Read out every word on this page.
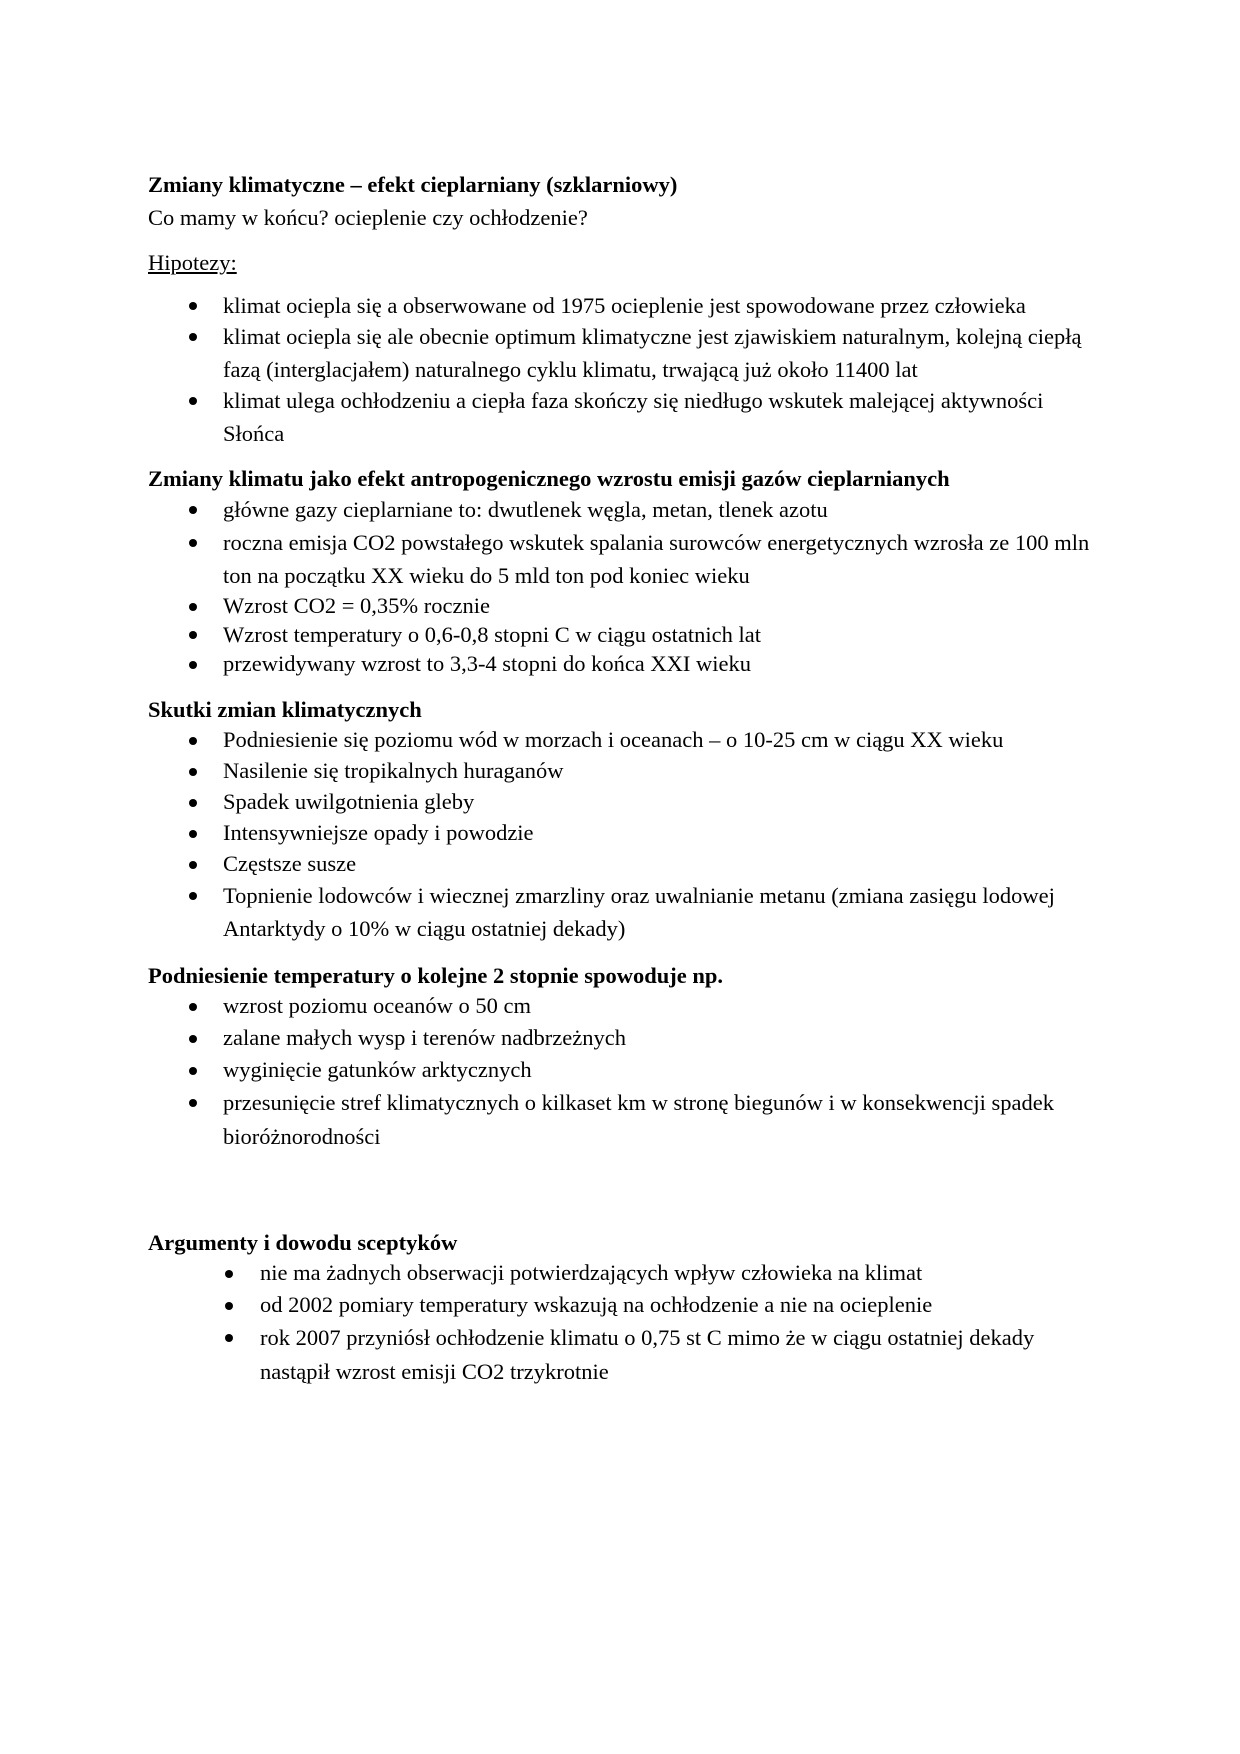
Zmiany klimatyczne – efekt cieplarniany (szklarniowy)

Co mamy w końcu? ocieplenie czy ochłodzenie?

Hipotezy:

klimat ociepla się a obserwowane od 1975 ocieplenie jest spowodowane przez człowieka
klimat ociepla się ale obecnie optimum klimatyczne jest zjawiskiem naturalnym, kolejną ciepłą fazą (interglacjałem) naturalnego cyklu klimatu, trwającą już około 11400 lat
klimat ulega ochłodzeniu a ciepła faza skończy się niedługo wskutek malejącej aktywności Słońca

Zmiany klimatu jako efekt antropogenicznego wzrostu emisji gazów cieplarnianych

główne gazy cieplarniane to: dwutlenek węgla, metan, tlenek azotu
roczna emisja CO2 powstałego wskutek spalania surowców energetycznych wzrosła ze 100 mln ton na początku XX wieku do 5 mld ton pod koniec wieku
Wzrost CO2 = 0,35% rocznie
Wzrost temperatury o 0,6-0,8 stopni C w ciągu ostatnich lat
przewidywany wzrost to 3,3-4 stopni do końca XXI wieku

Skutki zmian klimatycznych

Podniesienie się poziomu wód w morzach i oceanach – o 10-25 cm w ciągu XX wieku
Nasilenie się tropikalnych huraganów
Spadek uwilgotnienia gleby
Intensywniejsze opady i powodzie
Częstsze susze
Topnienie lodowców i wiecznej zmarzliny oraz uwalnianie metanu (zmiana zasięgu lodowej Antarktydy o 10% w ciągu ostatniej dekady)

Podniesienie temperatury o kolejne 2 stopnie spowoduje np.

wzrost poziomu oceanów o 50 cm
zalane małych wysp i terenów nadbrzeżnych
wyginięcie gatunków arktycznych
przesunięcie stref klimatycznych o kilkaset km w stronę biegunów i w konsekwencji spadek bioróżnorodności

Argumenty i dowodu sceptyków

nie ma żadnych obserwacji potwierdzających wpływ człowieka na klimat
od 2002 pomiary temperatury wskazują na ochłodzenie a nie na ocieplenie
rok 2007 przyniósł ochłodzenie klimatu o 0,75 st C mimo że w ciągu ostatniej dekady nastąpił wzrost emisji CO2 trzykrotnie
